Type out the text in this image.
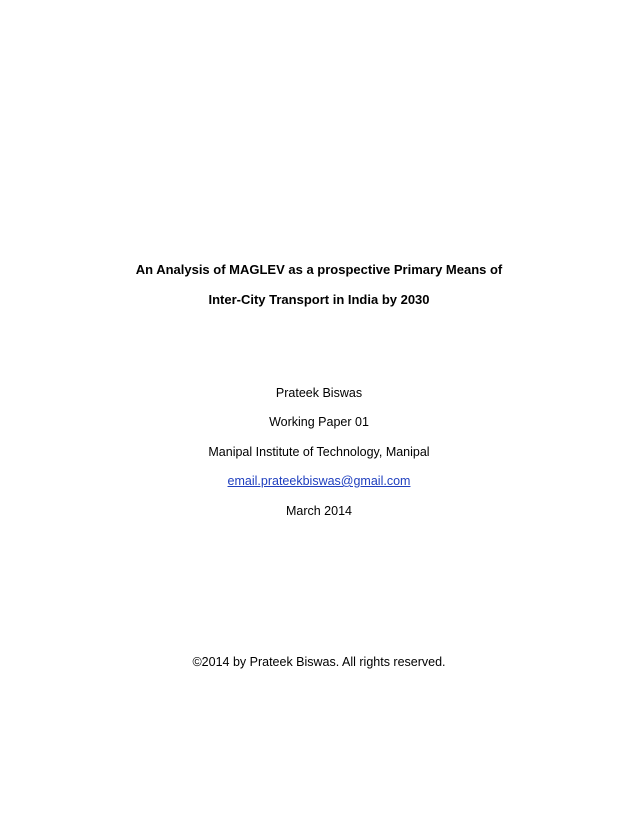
An Analysis of MAGLEV as a prospective Primary Means of
Inter-City Transport in India by 2030
Prateek Biswas
Working Paper 01
Manipal Institute of Technology, Manipal
email.prateekbiswas@gmail.com
March 2014
©2014 by Prateek Biswas. All rights reserved.
